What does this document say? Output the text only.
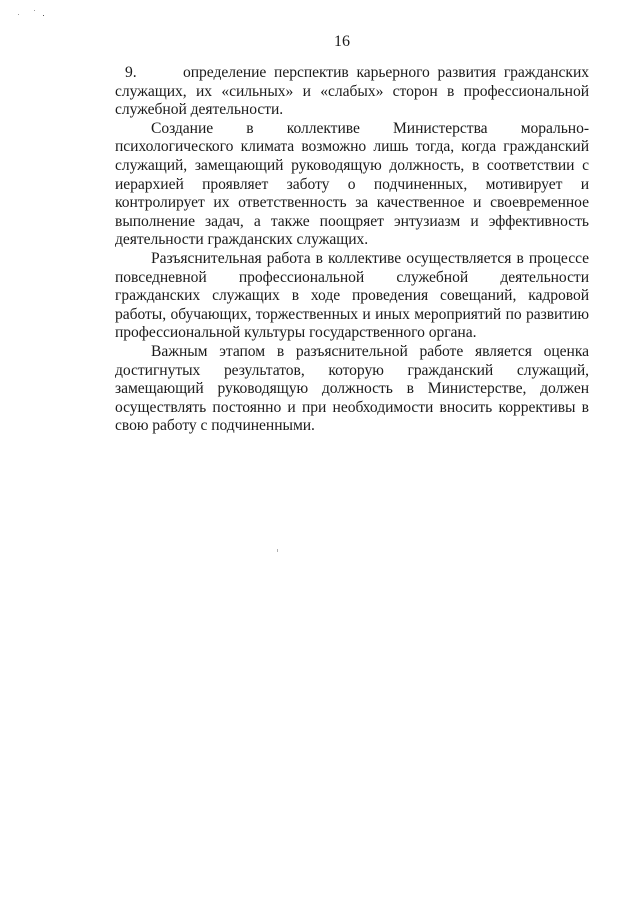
16

9.	определение перспектив карьерного развития гражданских служащих, их «сильных» и «слабых» сторон в профессиональной служебной деятельности.

Создание в коллективе Министерства морально-психологического климата возможно лишь тогда, когда гражданский служащий, замещающий руководящую должность, в соответствии с иерархией проявляет заботу о подчиненных, мотивирует и контролирует их ответственность за качественное и своевременное выполнение задач, а также поощряет энтузиазм и эффективность деятельности гражданских служащих.

Разъяснительная работа в коллективе осуществляется в процессе повседневной профессиональной служебной деятельности гражданских служащих в ходе проведения совещаний, кадровой работы, обучающих, торжественных и иных мероприятий по развитию профессиональной культуры государственного органа.

Важным этапом в разъяснительной работе является оценка достигнутых результатов, которую гражданский служащий, замещающий руководящую должность в Министерстве, должен осуществлять постоянно и при необходимости вносить коррективы в свою работу с подчиненными.
